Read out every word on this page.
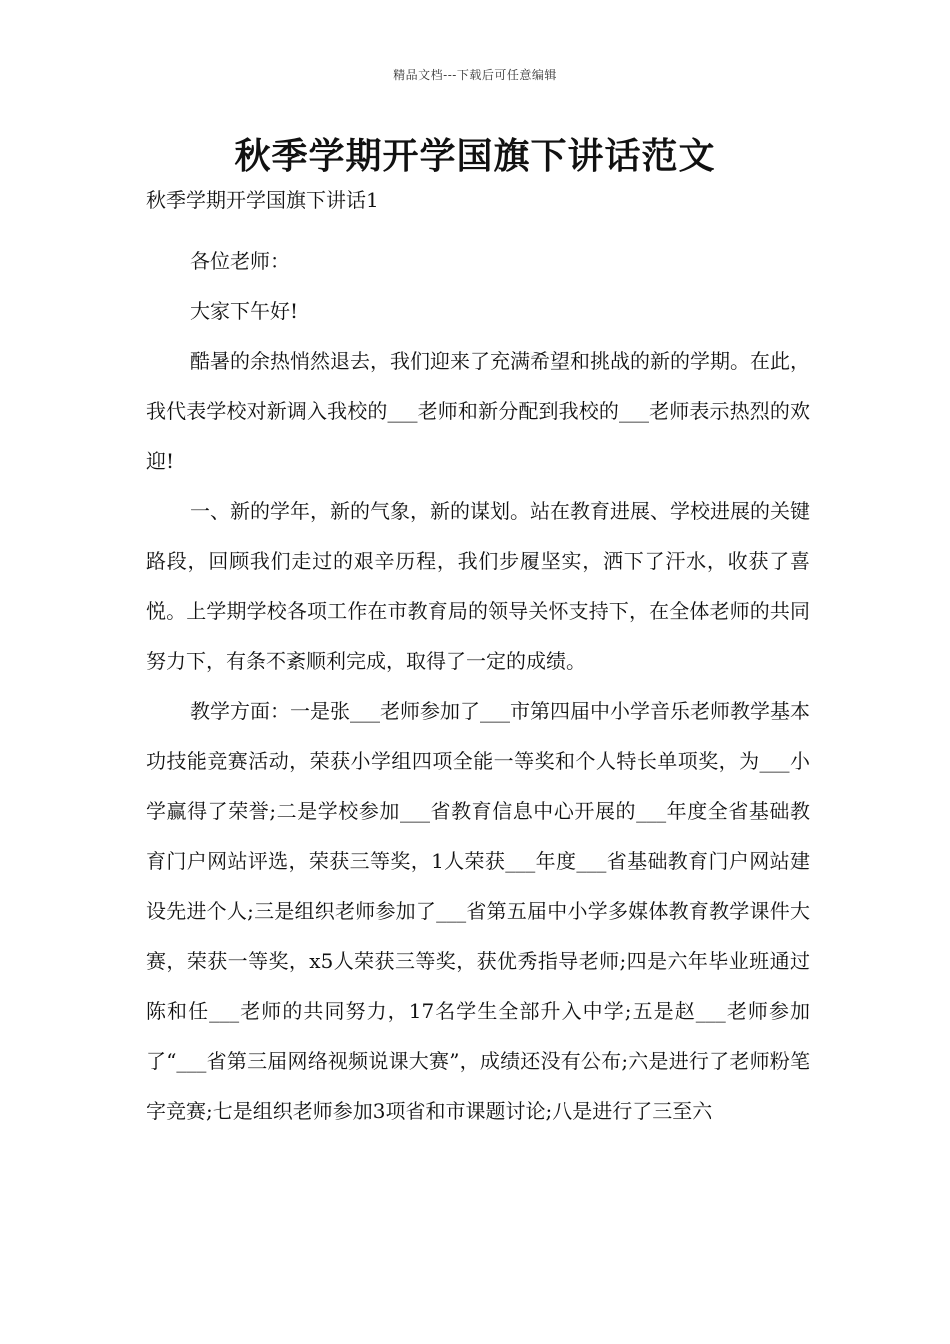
精品文档---下载后可任意编辑
秋季学期开学国旗下讲话范文
秋季学期开学国旗下讲话1

各位老师：

大家下午好!

酷暑的余热悄然退去，我们迎来了充满希望和挑战的新的学期。在此，我代表学校对新调入我校的___老师和新分配到我校的___老师表示热烈的欢迎!

一、新的学年，新的气象，新的谋划。站在教育进展、学校进展的关键路段，回顾我们走过的艰辛历程，我们步履坚实，洒下了汗水，收获了喜悦。上学期学校各项工作在市教育局的领导关怀支持下，在全体老师的共同努力下，有条不紊顺利完成，取得了一定的成绩。

教学方面：一是张___老师参加了___市第四届中小学音乐老师教学基本功技能竞赛活动，荣获小学组四项全能一等奖和个人特长单项奖，为___小学赢得了荣誉;二是学校参加___省教育信息中心开展的___年度全省基础教育门户网站评选，荣获三等奖，1人荣获___年度___省基础教育门户网站建设先进个人;三是组织老师参加了___省第五届中小学多媒体教育教学课件大赛，荣获一等奖，x5人荣获三等奖，获优秀指导老师;四是六年毕业班通过陈和任___老师的共同努力，17名学生全部升入中学;五是赵___老师参加了“___省第三届网络视频说课大赛”，成绩还没有公布;六是进行了老师粉笔字竞赛;七是组织老师参加3项省和市课题讨论;八是进行了三至六
